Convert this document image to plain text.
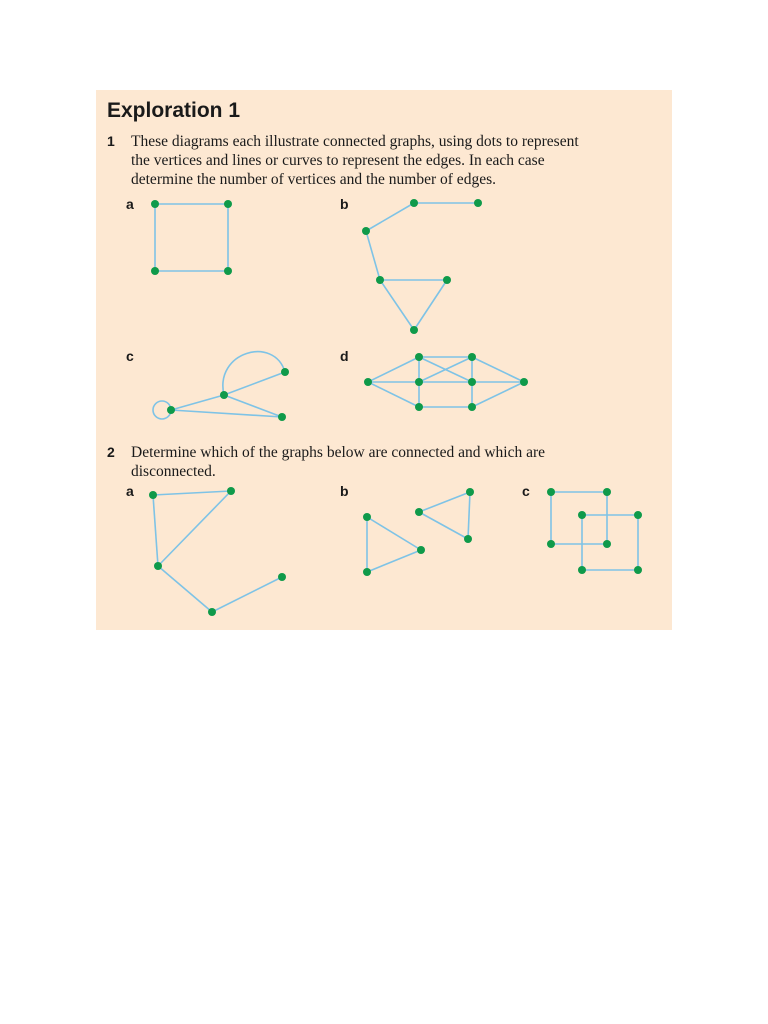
Exploration 1
1 These diagrams each illustrate connected graphs, using dots to represent
the vertices and lines or curves to represent the edges. In each case
determine the number of vertices and the number of edges.
a	b
c	d
2 Determine which of the graphs below are connected and which are
disconnected.
a	b	c
